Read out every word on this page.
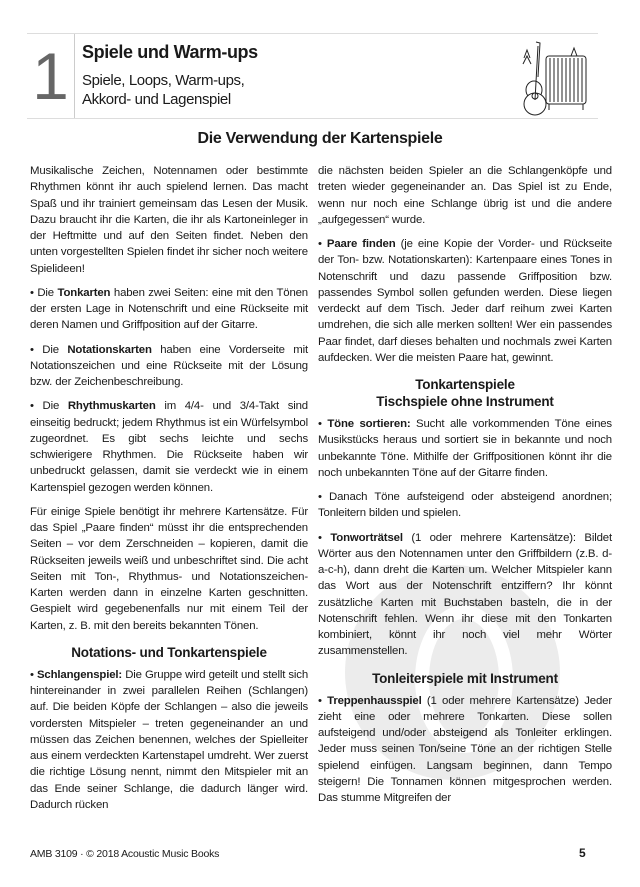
1 Spiele und Warm-ups
Spiele, Loops, Warm-ups,
Akkord- und Lagenspiel
Die Verwendung der Kartenspiele

Musikalische Zeichen, Notennamen oder bestimmte Rhythmen könnt ihr auch spielend lernen. Das macht Spaß und ihr trainiert gemeinsam das Lesen der Musik. Dazu braucht ihr die Karten, die ihr als Kartoneinleger in der Heftmitte und auf den Seiten findet. Neben den unten vorgestellten Spielen findet ihr sicher noch weitere Spielideen!

• Die Tonkarten haben zwei Seiten: eine mit den Tönen der ersten Lage in Notenschrift und eine Rückseite mit deren Namen und Griffposition auf der Gitarre.

• Die Notationskarten haben eine Vorderseite mit Notationszeichen und eine Rückseite mit der Lösung bzw. der Zeichenbeschreibung.

• Die Rhythmuskarten im 4/4- und 3/4-Takt sind einseitig bedruckt; jedem Rhythmus ist ein Würfelsymbol zugeordnet. Es gibt sechs leichte und sechs schwierigere Rhythmen. Die Rückseite haben wir unbedruckt gelassen, damit sie verdeckt wie in einem Kartenspiel gezogen werden können.

Für einige Spiele benötigt ihr mehrere Kartensätze. Für das Spiel „Paare finden“ müsst ihr die entsprechenden Seiten – vor dem Zerschneiden – kopieren, damit die Rückseiten jeweils weiß und unbeschriftet sind. Die acht Seiten mit Ton-, Rhythmus- und Notationszeichen-Karten werden dann in einzelne Karten geschnitten. Gespielt wird gegebenenfalls nur mit einem Teil der Karten, z. B. mit den bereits bekannten Tönen.

Notations- und Tonkartenspiele

• Schlangenspiel: Die Gruppe wird geteilt und stellt sich hintereinander in zwei parallelen Reihen (Schlangen) auf. Die beiden Köpfe der Schlangen – also die jeweils vordersten Mitspieler – treten gegeneinander an und müssen das Zeichen benennen, welches der Spielleiter aus einem verdeckten Kartenstapel umdreht. Wer zuerst die richtige Lösung nennt, nimmt den Mitspieler mit an das Ende seiner Schlange, die dadurch länger wird. Dadurch rücken

die nächsten beiden Spieler an die Schlangenköpfe und treten wieder gegeneinander an. Das Spiel ist zu Ende, wenn nur noch eine Schlange übrig ist und die andere „aufgegessen“ wurde.

• Paare finden (je eine Kopie der Vorder- und Rückseite der Ton- bzw. Notationskarten): Kartenpaare eines Tones in Notenschrift und dazu passende Griffposition bzw. passendes Symbol sollen gefunden werden. Diese liegen verdeckt auf dem Tisch. Jeder darf reihum zwei Karten umdrehen, die sich alle merken sollten! Wer ein passendes Paar findet, darf dieses behalten und nochmals zwei Karten aufdecken. Wer die meisten Paare hat, gewinnt.

Tonkartenspiele
Tischspiele ohne Instrument

• Töne sortieren: Sucht alle vorkommenden Töne eines Musikstücks heraus und sortiert sie in bekannte und noch unbekannte Töne. Mithilfe der Griffpositionen könnt ihr die noch unbekannten Töne auf der Gitarre finden.

• Danach Töne aufsteigend oder absteigend anordnen; Tonleitern bilden und spielen.

• Tonworträtsel (1 oder mehrere Kartensätze): Bildet Wörter aus den Notennamen unter den Griffbildern (z.B. d-a-c-h), dann dreht die Karten um. Welcher Mitspieler kann das Wort aus der Notenschrift entziffern? Ihr könnt zusätzliche Karten mit Buchstaben basteln, die in der Notenschrift fehlen. Wenn ihr diese mit den Tonkarten kombiniert, könnt ihr noch viel mehr Wörter zusammenstellen.

Tonleiterspiele mit Instrument

• Treppenhausspiel (1 oder mehrere Kartensätze) Jeder zieht eine oder mehrere Tonkarten. Diese sollen aufsteigend und/oder absteigend als Tonleiter erklingen. Jeder muss seinen Ton/seine Töne an der richtigen Stelle spielend einfügen. Langsam beginnen, dann Tempo steigern! Die Tonnamen können mitgesprochen werden. Das stumme Mitgreifen der

AMB 3109 · © 2018 Acoustic Music Books	5
